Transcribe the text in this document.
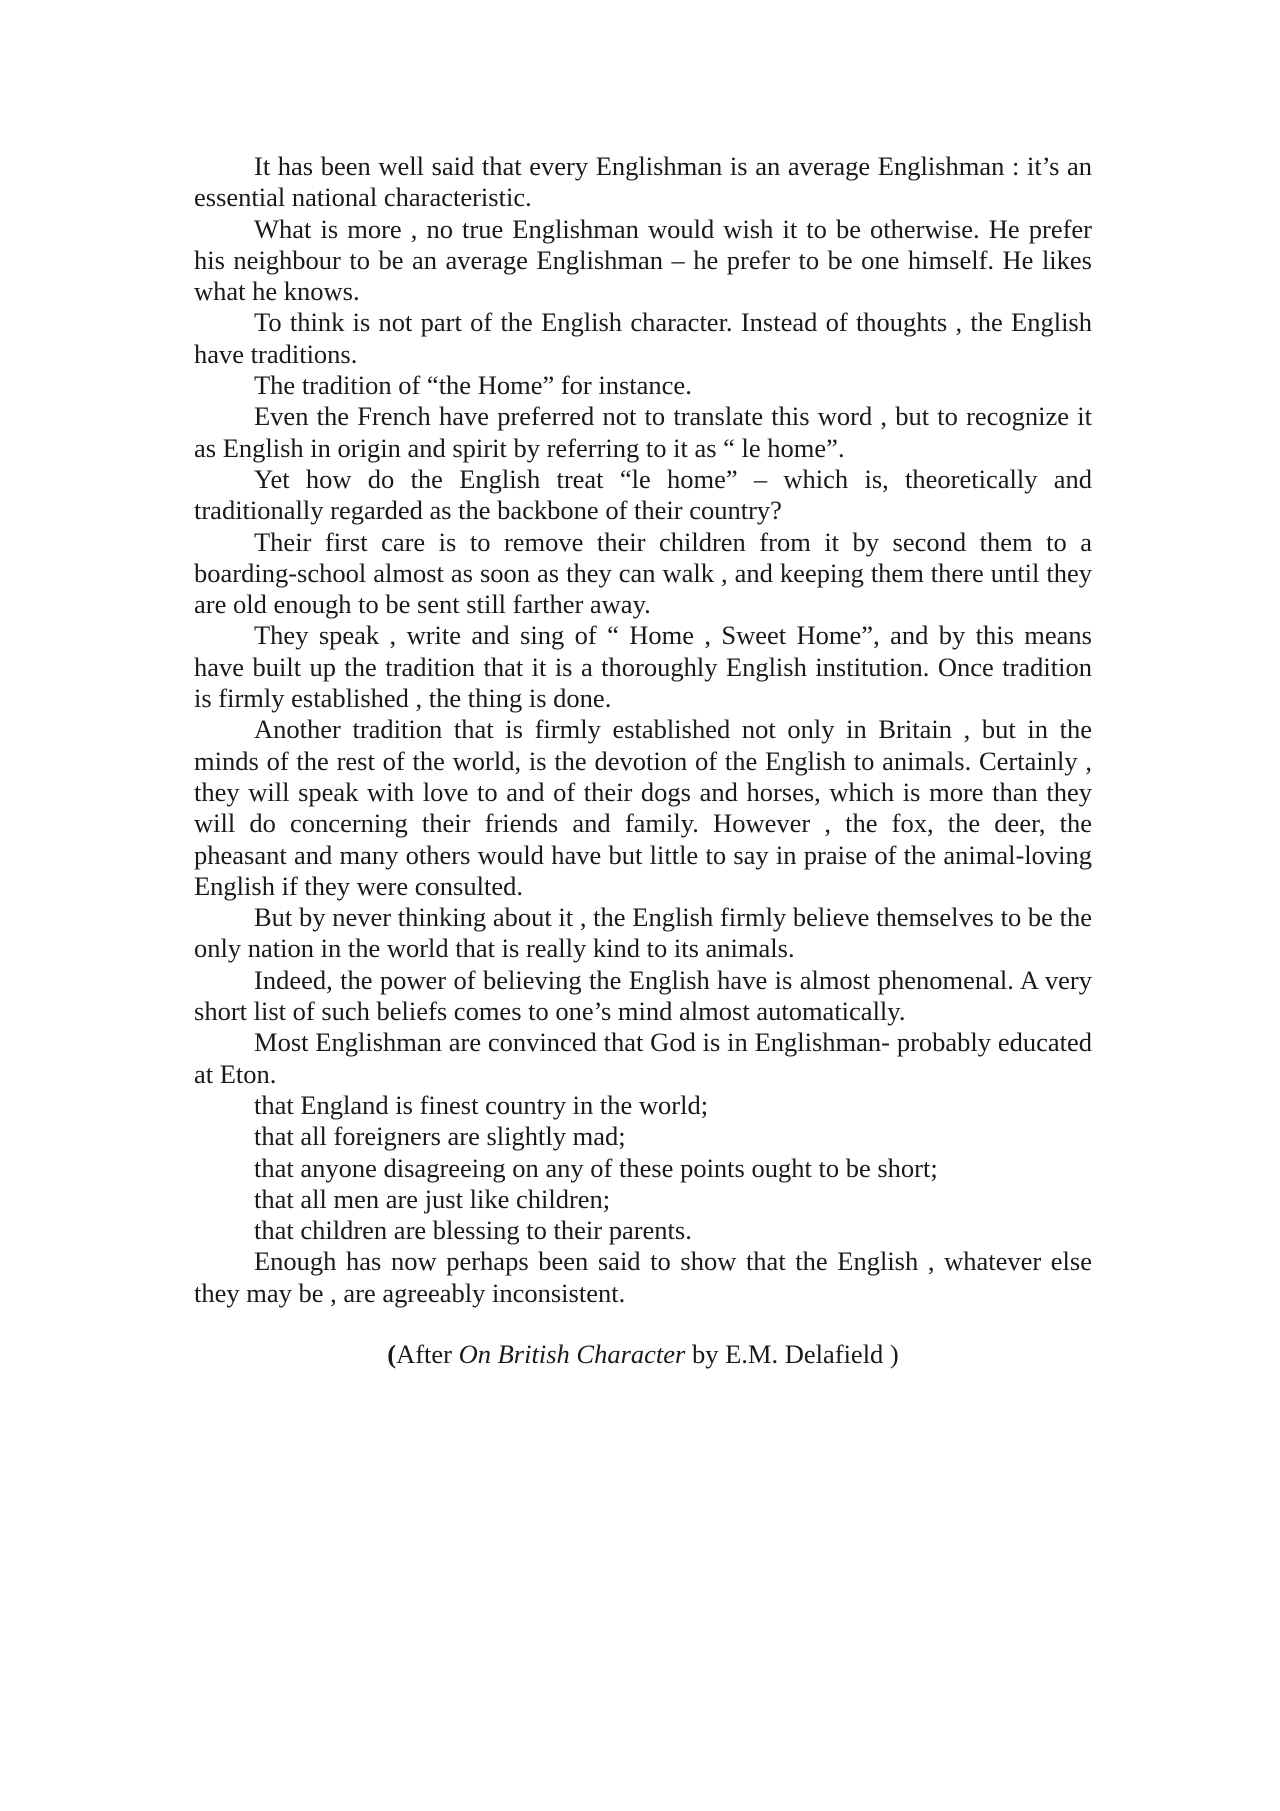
It has been well said that every Englishman is an average Englishman : it’s an essential national characteristic.

What is more , no true Englishman would wish it to be otherwise. He prefer his neighbour to be an average Englishman – he prefer to be one himself. He likes what he knows.

To think is not part of the English character. Instead of thoughts , the English have traditions.

The tradition of “the Home” for instance.

Even the French have preferred not to translate this word , but to recognize it as English in origin and spirit by referring to it as “ le home”.

Yet how do the English treat “le home” – which is, theoretically and traditionally regarded as the backbone of their country?

Their first care is to remove their children from it by second them to a boarding-school almost as soon as they can walk , and keeping them there until they are old enough to be sent still farther away.

They speak , write and sing of “ Home , Sweet Home”, and by this means have built up the tradition that it is a thoroughly English institution. Once tradition is firmly established , the thing is done.

Another tradition that is firmly established not only in Britain , but in the minds of the rest of the world, is the devotion of the English to animals. Certainly , they will speak with love to and of their dogs and horses, which is more than they will do concerning their friends and family. However , the fox, the deer, the pheasant and many others would have but little to say in praise of the animal-loving English if they were consulted.

But by never thinking about it , the English firmly believe themselves to be the only nation in the world that is really kind to its animals.

Indeed, the power of believing the English have is almost phenomenal. A very short list of such beliefs comes to one’s mind almost automatically.

Most Englishman are convinced that God is in Englishman- probably educated at Eton.

that England is finest country in the world;

that all foreigners are slightly mad;

that anyone disagreeing on any of these points ought to be short;

that all men are just like children;

that children are blessing to their parents.

Enough has now perhaps been said to show that the English , whatever else they may be , are agreeably inconsistent.

(After On British Character by E.M. Delafield )
